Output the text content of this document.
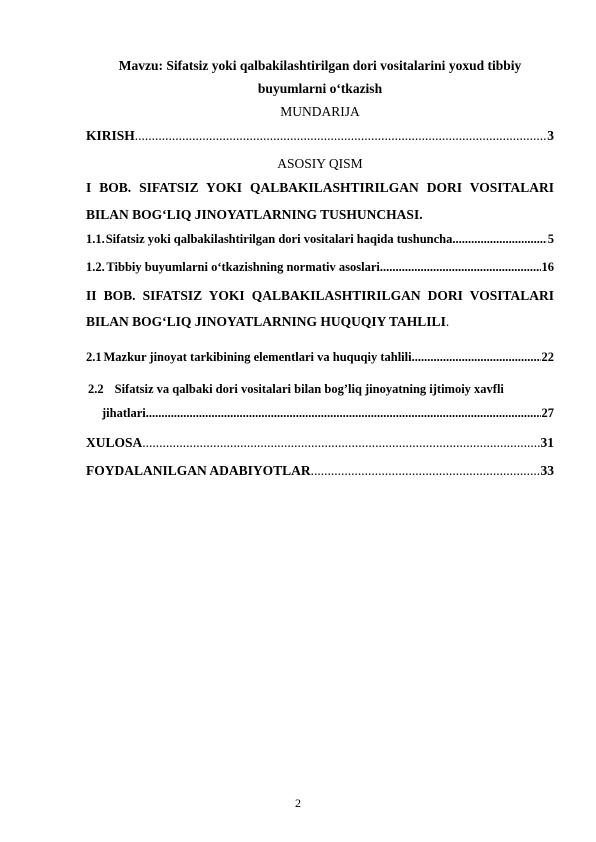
Mavzu: Sifatsiz yoki qalbakilashtirilgan dori vositalarini yoxud tibbiy
buyumlarni o‘tkazish
MUNDARIJA
KIRISH .....	3
ASOSIY QISM
I BOB. SIFATSIZ YOKI QALBAKILASHTIRILGAN DORI VOSITALARI
BILAN BOG‘LIQ JINOYATLARNING TUSHUNCHASI.
1.1. Sifatsiz yoki qalbakilashtirilgan dori vositalari haqida tushuncha .....	5
1.2. Tibbiy buyumlarni o‘tkazishning normativ asoslari .....	16
II BOB. SIFATSIZ YOKI QALBAKILASHTIRILGAN DORI VOSITALARI
BILAN BOG‘LIQ JINOYATLARNING HUQUQIY TAHLILI.
2.1 Mazkur jinoyat tarkibining elementlari va huquqiy tahlili .....	22
2.2 Sifatsiz va qalbaki dori vositalari bilan bog’liq jinoyatning ijtimoiy xavfli
jihatlari .....	27
XULOSA .....	31
FOYDALANILGAN ADABIYOTLAR .....	33
2
